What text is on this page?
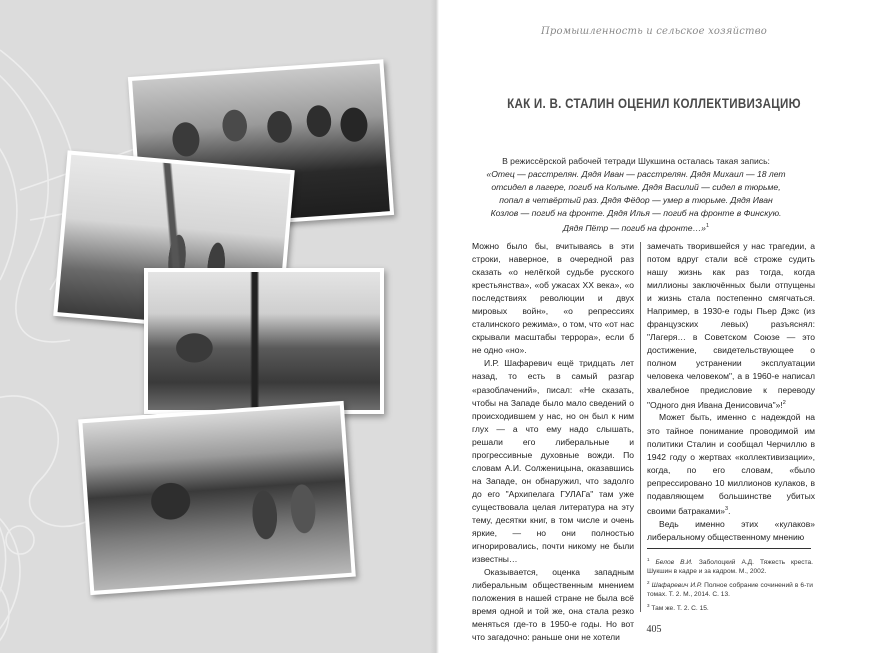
Промышленность и сельское хозяйство
КАК И. В. СТАЛИН ОЦЕНИЛ КОЛЛЕКТИВИЗАЦИЮ
В режиссёрской рабочей тетради Шукшина осталась такая запись:
«Отец — расстрелян. Дядя Иван — расстрелян. Дядя Михаил — 18 лет отсидел в лагере, погиб на Колыме. Дядя Василий — сидел в тюрьме, попал в четвёртый раз. Дядя Фёдор — умер в тюрьме. Дядя Иван Козлов — погиб на фронте. Дядя Илья — погиб на фронте в Финскую. Дядя Пётр — погиб на фронте…»$^1$

Можно было бы, вчитываясь в эти строки, наверное, в очередной раз сказать «о нелёгкой судьбе русского крестьянства», «об ужасах ХХ века», «о последствиях революции и двух мировых войн», «о репрессиях сталинского режима», о том, что «от нас скрывали масштабы террора», если б не одно «но».

И.Р. Шафаревич ещё тридцать лет назад, то есть в самый разгар «разоблачений», писал: «Не сказать, чтобы на Западе было мало сведений о происходившем у нас, но он был к ним глух — а что ему надо слышать, решали его либеральные и прогрессивные духовные вожди. По словам А.И. Солженицына, оказавшись на Западе, он обнаружил, что задолго до его "Архипелага ГУЛАГа" там уже существовала целая литература на эту тему, десятки книг, в том числе и очень яркие, — но они полностью игнорировались, почти никому не были известны…

Оказывается, оценка западным либеральным общественным мнением положения в нашей стране не была всё время одной и той же, она стала резко меняться где-то в 1950-е годы. Но вот что загадочно: раньше они не хотели

замечать творившейся у нас трагедии, а потом вдруг стали всё строже судить нашу жизнь как раз тогда, когда миллионы заключённых были отпущены и жизнь стала постепенно смягчаться. Например, в 1930-е годы Пьер Дэкс (из французских левых) разъяснял: "Лагеря… в Советском Союзе — это достижение, свидетельствующее о полном устранении эксплуатации человека человеком", а в 1960-е написал хвалебное предисловие к переводу "Одного дня Ивана Денисовича"»!$^2$

Может быть, именно с надеждой на это тайное понимание проводимой им политики Сталин и сообщал Черчиллю в 1942 году о жертвах «коллективизации», когда, по его словам, «было репрессировано 10 миллионов кулаков, в подавляющем большинстве убитых своими батраками»$^3$.

Ведь именно этих «кулаков» либеральному общественному мнению

$^1$ Белов В.И. Заболоцкий А.Д. Тяжесть креста. Шукшин в кадре и за кадром. М., 2002.
$^2$ Шафаревич И.Р. Полное собрание сочинений в 6-ти томах. Т. 2. М., 2014. С. 13.
$^3$ Там же. Т. 2. С. 15.
405
